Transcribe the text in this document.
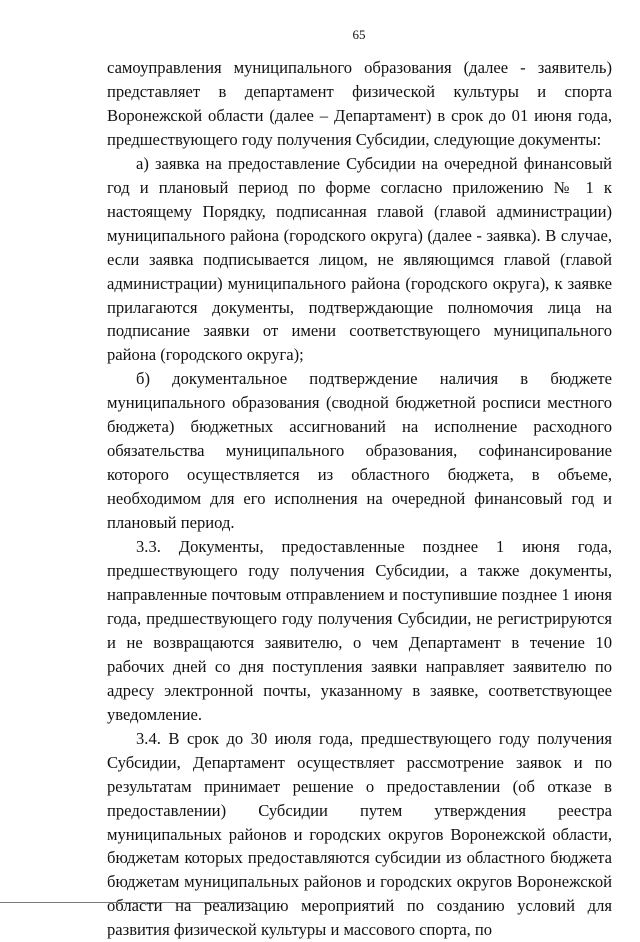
65

самоуправления муниципального образования (далее - заявитель) представляет в департамент физической культуры и спорта Воронежской области (далее – Департамент) в срок до 01 июня года, предшествующего году получения Субсидии, следующие документы:

а) заявка на предоставление Субсидии на очередной финансовый год и плановый период по форме согласно приложению № 1 к настоящему Порядку, подписанная главой (главой администрации) муниципального района (городского округа) (далее - заявка). В случае, если заявка подписывается лицом, не являющимся главой (главой администрации) муниципального района (городского округа), к заявке прилагаются документы, подтверждающие полномочия лица на подписание заявки от имени соответствующего муниципального района (городского округа);

б) документальное подтверждение наличия в бюджете муниципального образования (сводной бюджетной росписи местного бюджета) бюджетных ассигнований на исполнение расходного обязательства муниципального образования, софинансирование которого осуществляется из областного бюджета, в объеме, необходимом для его исполнения на очередной финансовый год и плановый период.

3.3. Документы, предоставленные позднее 1 июня года, предшествующего году получения Субсидии, а также документы, направленные почтовым отправлением и поступившие позднее 1 июня года, предшествующего году получения Субсидии, не регистрируются и не возвращаются заявителю, о чем Департамент в течение 10 рабочих дней со дня поступления заявки направляет заявителю по адресу электронной почты, указанному в заявке, соответствующее уведомление.

3.4. В срок до 30 июля года, предшествующего году получения Субсидии, Департамент осуществляет рассмотрение заявок и по результатам принимает решение о предоставлении (об отказе в предоставлении) Субсидии путем утверждения реестра муниципальных районов и городских округов Воронежской области, бюджетам которых предоставляются субсидии из областного бюджета бюджетам муниципальных районов и городских округов Воронежской области на реализацию мероприятий по созданию условий для развития физической культуры и массового спорта, по
